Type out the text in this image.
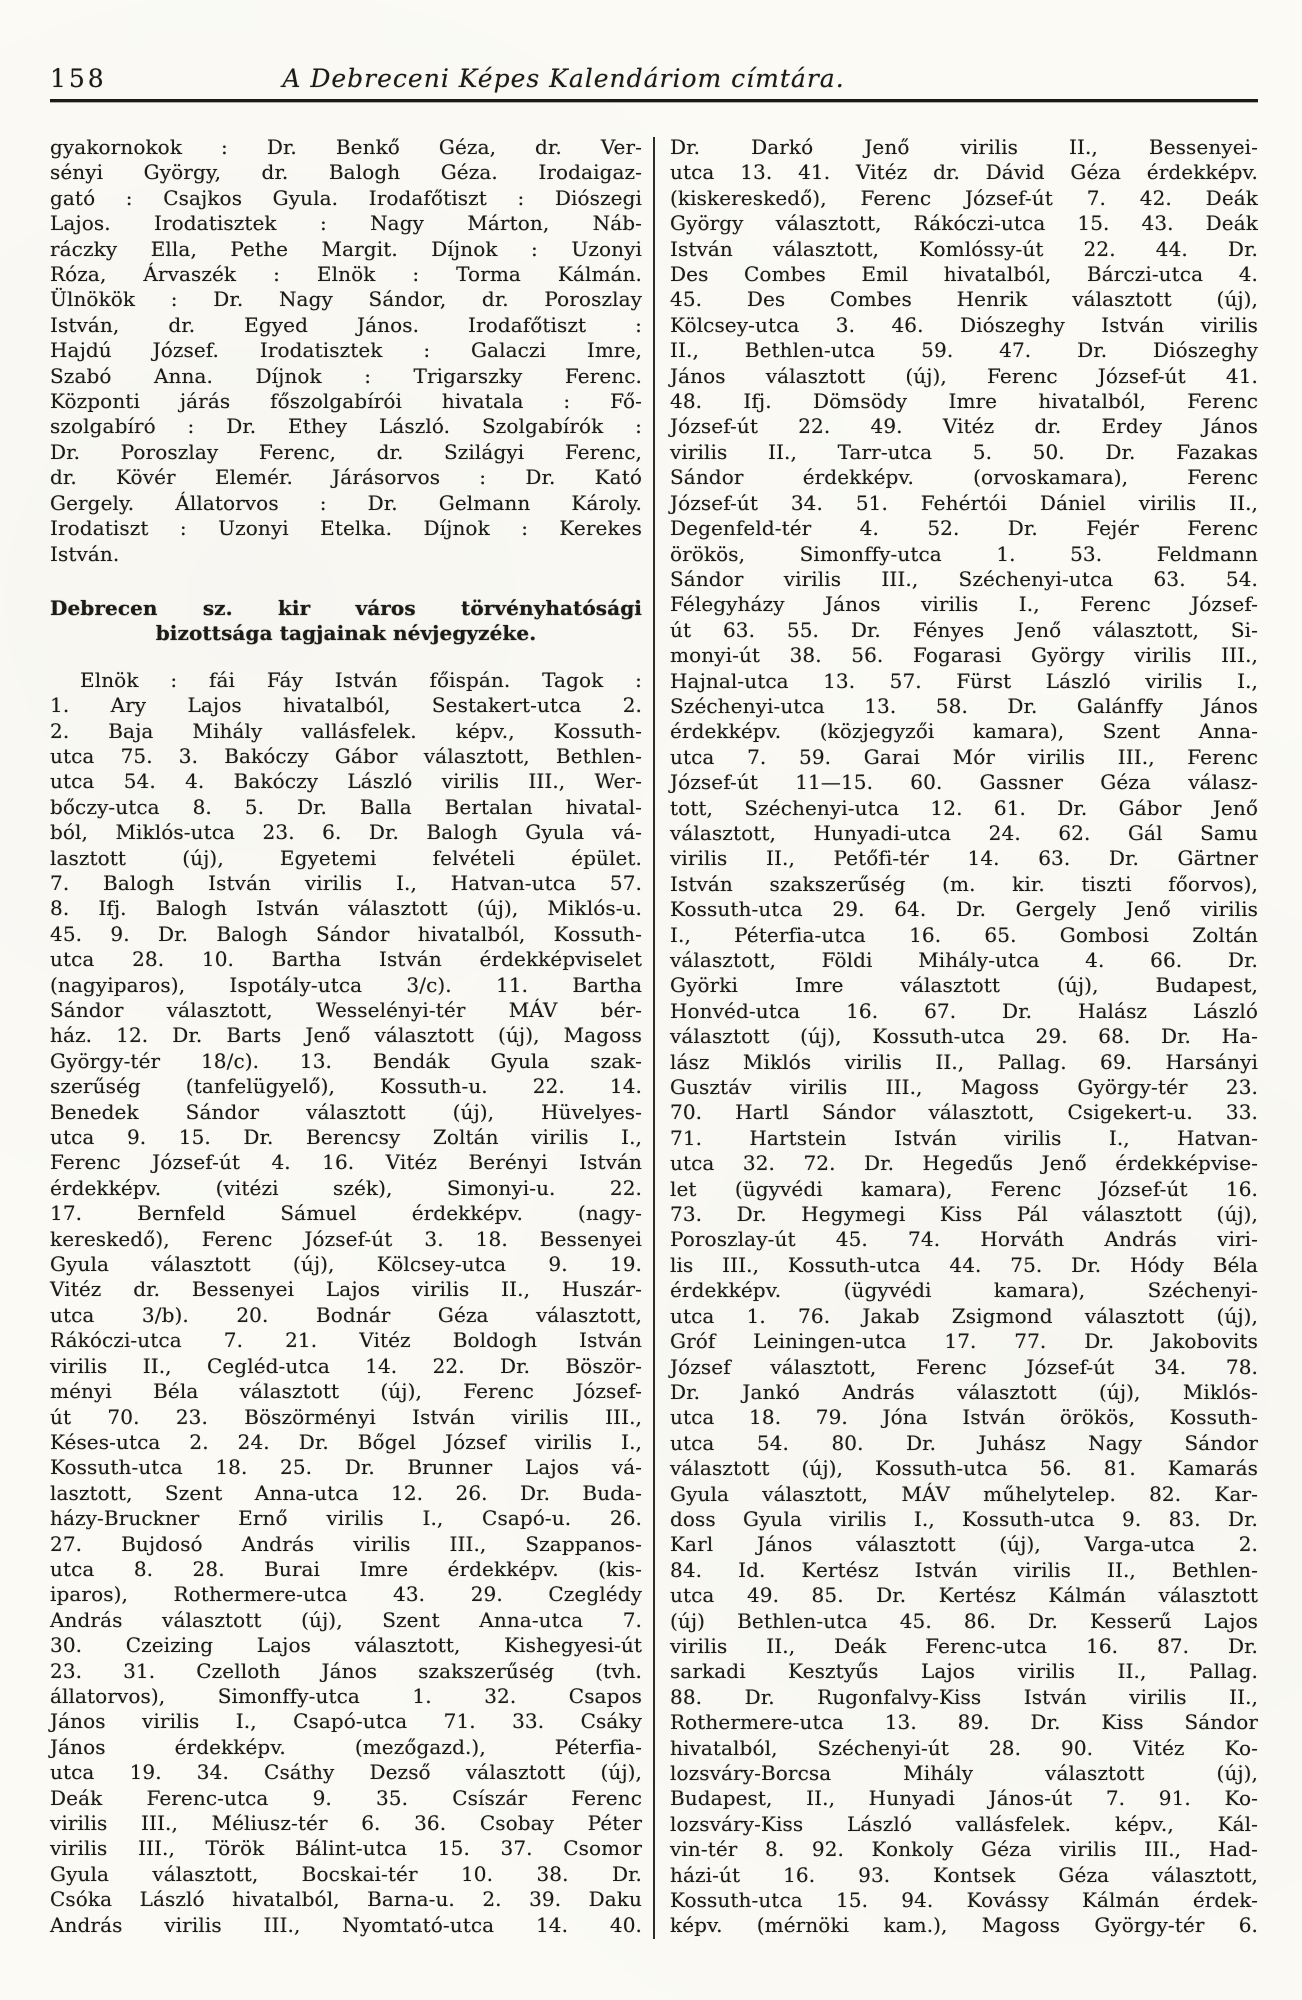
158	A Debreceni Képes Kalendáriom címtára.
gyakornokok : Dr. Benkő Géza, dr. Ver-
sényi György, dr. Balogh Géza. Irodaigaz-
gató : Csajkos Gyula. Irodafőtiszt : Diószegi
Lajos. Irodatisztek : Nagy Márton, Náb-
ráczky Ella, Pethe Margit. Díjnok : Uzonyi
Róza, Árvaszék : Elnök : Torma Kálmán.
Ülnökök : Dr. Nagy Sándor, dr. Poroszlay
István, dr. Egyed János. Irodafőtiszt :
Hajdú József. Irodatisztek : Galaczi Imre,
Szabó Anna. Díjnok : Trigarszky Ferenc.
Központi járás főszolgabírói hivatala : Fő-
szolgabíró : Dr. Ethey László. Szolgabírók :
Dr. Poroszlay Ferenc, dr. Szilágyi Ferenc,
dr. Kövér Elemér. Járásorvos : Dr. Kató
Gergely. Állatorvos : Dr. Gelmann Károly.
Irodatiszt : Uzonyi Etelka. Díjnok : Kerekes
István.
Debrecen sz. kir város törvényhatósági
bizottsága tagjainak névjegyzéke.
Elnök : fái Fáy István főispán. Tagok :
1. Ary Lajos hivatalból, Sestakert-utca 2.
2. Baja Mihály vallásfelek. képv., Kossuth-
utca 75. 3. Bakóczy Gábor választott, Bethlen-
utca 54. 4. Bakóczy László virilis III., Wer-
bőczy-utca 8. 5. Dr. Balla Bertalan hivatal-
ból, Miklós-utca 23. 6. Dr. Balogh Gyula vá-
lasztott (új), Egyetemi felvételi épület.
7. Balogh István virilis I., Hatvan-utca 57.
8. Ifj. Balogh István választott (új), Miklós-u.
45. 9. Dr. Balogh Sándor hivatalból, Kossuth-
utca 28. 10. Bartha István érdekképviselet
(nagyiparos), Ispotály-utca 3/c). 11. Bartha
Sándor választott, Wesselényi-tér MÁV bér-
ház. 12. Dr. Barts Jenő választott (új), Magoss
György-tér 18/c). 13. Bendák Gyula szak-
szerűség (tanfelügyelő), Kossuth-u. 22. 14.
Benedek Sándor választott (új), Hüvelyes-
utca 9. 15. Dr. Berencsy Zoltán virilis I.,
Ferenc József-út 4. 16. Vitéz Berényi István
érdekképv. (vitézi szék), Simonyi-u. 22.
17. Bernfeld Sámuel érdekképv. (nagy-
kereskedő), Ferenc József-út 3. 18. Bessenyei
Gyula választott (új), Kölcsey-utca 9. 19.
Vitéz dr. Bessenyei Lajos virilis II., Huszár-
utca 3/b). 20. Bodnár Géza választott,
Rákóczi-utca 7. 21. Vitéz Boldogh István
virilis II., Cegléd-utca 14. 22. Dr. Böször-
ményi Béla választott (új), Ferenc József-
út 70. 23. Böszörményi István virilis III.,
Késes-utca 2. 24. Dr. Bőgel József virilis I.,
Kossuth-utca 18. 25. Dr. Brunner Lajos vá-
lasztott, Szent Anna-utca 12. 26. Dr. Buda-
házy-Bruckner Ernő virilis I., Csapó-u. 26.
27. Bujdosó András virilis III., Szappanos-
utca 8. 28. Burai Imre érdekképv. (kis-
iparos), Rothermere-utca 43. 29. Czeglédy
András választott (új), Szent Anna-utca 7.
30. Czeizing Lajos választott, Kishegyesi-út
23. 31. Czelloth János szakszerűség (tvh.
állatorvos), Simonffy-utca 1. 32. Csapos
János virilis I., Csapó-utca 71. 33. Csáky
János érdekképv. (mezőgazd.), Péterfia-
utca 19. 34. Csáthy Dezső választott (új),
Deák Ferenc-utca 9. 35. Csíszár Ferenc
virilis III., Méliusz-tér 6. 36. Csobay Péter
virilis III., Török Bálint-utca 15. 37. Csomor
Gyula választott, Bocskai-tér 10. 38. Dr.
Csóka László hivatalból, Barna-u. 2. 39. Daku
András virilis III., Nyomtató-utca 14. 40.
Dr. Darkó Jenő virilis II., Bessenyei-
utca 13. 41. Vitéz dr. Dávid Géza érdekképv.
(kiskereskedő), Ferenc József-út 7. 42. Deák
György választott, Rákóczi-utca 15. 43. Deák
István választott, Komlóssy-út 22. 44. Dr.
Des Combes Emil hivatalból, Bárczi-utca 4.
45. Des Combes Henrik választott (új),
Kölcsey-utca 3. 46. Diószeghy István virilis
II., Bethlen-utca 59. 47. Dr. Diószeghy
János választott (új), Ferenc József-út 41.
48. Ifj. Dömsödy Imre hivatalból, Ferenc
József-út 22. 49. Vitéz dr. Erdey János
virilis II., Tarr-utca 5. 50. Dr. Fazakas
Sándor érdekképv. (orvoskamara), Ferenc
József-út 34. 51. Fehértói Dániel virilis II.,
Degenfeld-tér 4. 52. Dr. Fejér Ferenc
örökös, Simonffy-utca 1. 53. Feldmann
Sándor virilis III., Széchenyi-utca 63. 54.
Félegyházy János virilis I., Ferenc József-
út 63. 55. Dr. Fényes Jenő választott, Si-
monyi-út 38. 56. Fogarasi György virilis III.,
Hajnal-utca 13. 57. Fürst László virilis I.,
Széchenyi-utca 13. 58. Dr. Galánffy János
érdekképv. (közjegyzői kamara), Szent Anna-
utca 7. 59. Garai Mór virilis III., Ferenc
József-út 11—15. 60. Gassner Géza válasz-
tott, Széchenyi-utca 12. 61. Dr. Gábor Jenő
választott, Hunyadi-utca 24. 62. Gál Samu
virilis II., Petőfi-tér 14. 63. Dr. Gärtner
István szakszerűség (m. kir. tiszti főorvos),
Kossuth-utca 29. 64. Dr. Gergely Jenő virilis
I., Péterfia-utca 16. 65. Gombosi Zoltán
választott, Földi Mihály-utca 4. 66. Dr.
Györki Imre választott (új), Budapest,
Honvéd-utca 16. 67. Dr. Halász László
választott (új), Kossuth-utca 29. 68. Dr. Ha-
lász Miklós virilis II., Pallag. 69. Harsányi
Gusztáv virilis III., Magoss György-tér 23.
70. Hartl Sándor választott, Csigekert-u. 33.
71. Hartstein István virilis I., Hatvan-
utca 32. 72. Dr. Hegedűs Jenő érdekképvise-
let (ügyvédi kamara), Ferenc József-út 16.
73. Dr. Hegymegi Kiss Pál választott (új),
Poroszlay-út 45. 74. Horváth András viri-
lis III., Kossuth-utca 44. 75. Dr. Hódy Béla
érdekképv. (ügyvédi kamara), Széchenyi-
utca 1. 76. Jakab Zsigmond választott (új),
Gróf Leiningen-utca 17. 77. Dr. Jakobovits
József választott, Ferenc József-út 34. 78.
Dr. Jankó András választott (új), Miklós-
utca 18. 79. Jóna István örökös, Kossuth-
utca 54. 80. Dr. Juhász Nagy Sándor
választott (új), Kossuth-utca 56. 81. Kamarás
Gyula választott, MÁV műhelytelep. 82. Kar-
doss Gyula virilis I., Kossuth-utca 9. 83. Dr.
Karl János választott (új), Varga-utca 2.
84. Id. Kertész István virilis II., Bethlen-
utca 49. 85. Dr. Kertész Kálmán választott
(új) Bethlen-utca 45. 86. Dr. Kesserű Lajos
virilis II., Deák Ferenc-utca 16. 87. Dr.
sarkadi Kesztyűs Lajos virilis II., Pallag.
88. Dr. Rugonfalvy-Kiss István virilis II.,
Rothermere-utca 13. 89. Dr. Kiss Sándor
hivatalból, Széchenyi-út 28. 90. Vitéz Ko-
lozsváry-Borcsa Mihály választott (új),
Budapest, II., Hunyadi János-út 7. 91. Ko-
lozsváry-Kiss László vallásfelek. képv., Kál-
vin-tér 8. 92. Konkoly Géza virilis III., Had-
házi-út 16. 93. Kontsek Géza választott,
Kossuth-utca 15. 94. Kovássy Kálmán érdek-
képv. (mérnöki kam.), Magoss György-tér 6.
